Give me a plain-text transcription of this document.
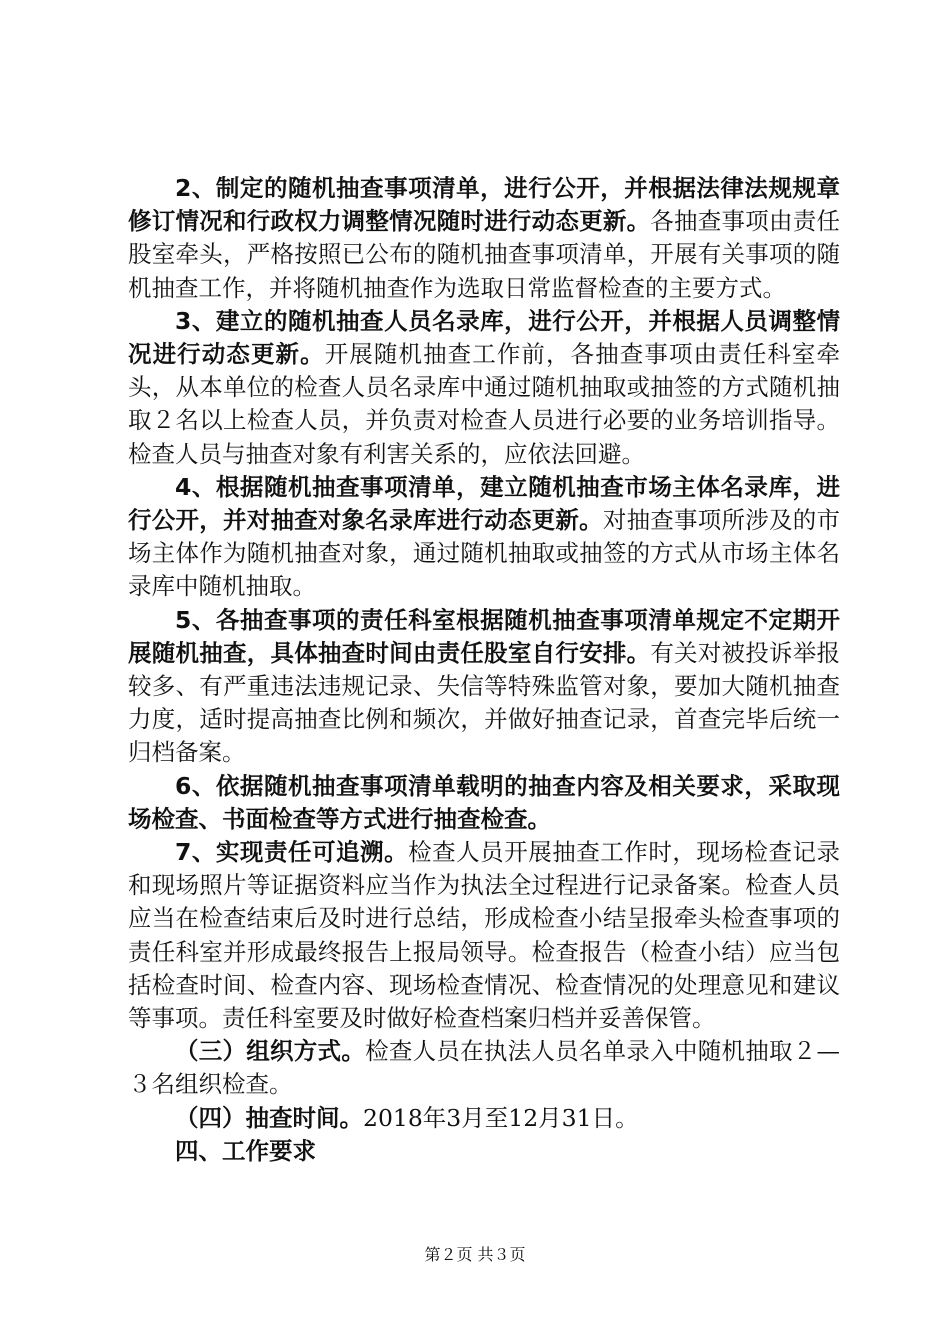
2、制定的随机抽查事项清单，进行公开，并根据法律法规规章修订情况和行政权力调整情况随时进行动态更新。各抽查事项由责任股室牵头，严格按照已公布的随机抽查事项清单，开展有关事项的随机抽查工作，并将随机抽查作为选取日常监督检查的主要方式。

3、建立的随机抽查人员名录库，进行公开，并根据人员调整情况进行动态更新。开展随机抽查工作前，各抽查事项由责任科室牵头，从本单位的检查人员名录库中通过随机抽取或抽签的方式随机抽取２名以上检查人员，并负责对检查人员进行必要的业务培训指导。检查人员与抽查对象有利害关系的，应依法回避。

4、根据随机抽查事项清单，建立随机抽查市场主体名录库，进行公开，并对抽查对象名录库进行动态更新。对抽查事项所涉及的市场主体作为随机抽查对象，通过随机抽取或抽签的方式从市场主体名录库中随机抽取。

5、各抽查事项的责任科室根据随机抽查事项清单规定不定期开展随机抽查，具体抽查时间由责任股室自行安排。有关对被投诉举报较多、有严重违法违规记录、失信等特殊监管对象，要加大随机抽查力度，适时提高抽查比例和频次，并做好抽查记录，首查完毕后统一归档备案。

6、依据随机抽查事项清单载明的抽查内容及相关要求，采取现场检查、书面检查等方式进行抽查检查。

7、实现责任可追溯。检查人员开展抽查工作时，现场检查记录和现场照片等证据资料应当作为执法全过程进行记录备案。检查人员应当在检查结束后及时进行总结，形成检查小结呈报牵头检查事项的责任科室并形成最终报告上报局领导。检查报告（检查小结）应当包括检查时间、检查内容、现场检查情况、检查情况的处理意见和建议等事项。责任科室要及时做好检查档案归档并妥善保管。

（三）组织方式。检查人员在执法人员名单录入中随机抽取２—３名组织检查。

（四）抽查时间。2018年3月至12月31日。

四、工作要求

第２页 共３页
